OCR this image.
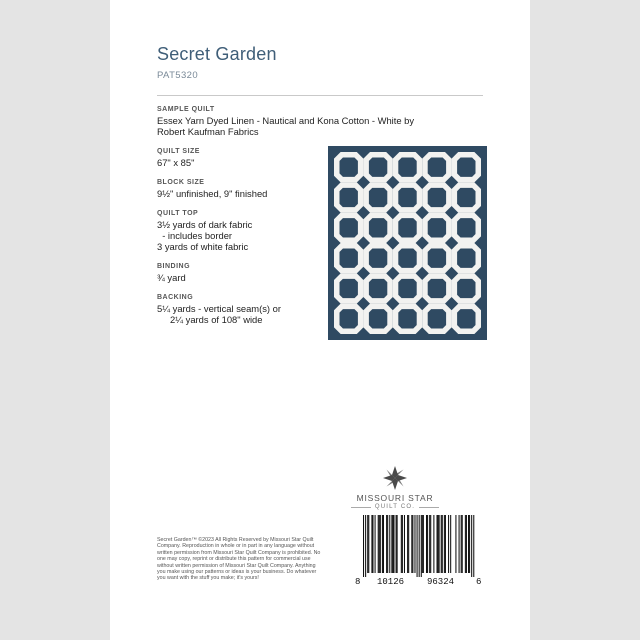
Secret Garden
PAT5320
SAMPLE QUILT
Essex Yarn Dyed Linen - Nautical and Kona Cotton - White by
Robert Kaufman Fabrics
QUILT SIZE
67" x 85"
BLOCK SIZE
9½" unfinished, 9" finished
QUILT TOP
3½ yards of dark fabric
- includes border
3 yards of white fabric
BINDING
¾ yard
BACKING
5¼ yards - vertical seam(s) or
2¼ yards of 108" wide
MISSOURI STAR
QUILT CO.
Secret Garden™ ©2023 All Rights Reserved by Missouri Star Quilt Company. Reproduction in whole or in part in any language without written permission from Missouri Star Quilt Company is prohibited. No one may copy, reprint or distribute this pattern for commercial use without written permission of Missouri Star Quilt Company. Anything you make using our patterns or ideas is your business. Do whatever you want with the stuff you make; it's yours!	8 10126	96324 6
